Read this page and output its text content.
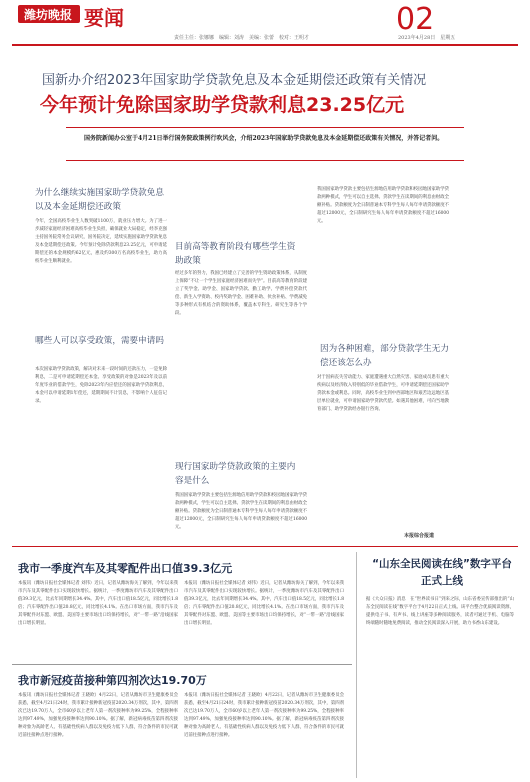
潍坊晚报 要闻	02
责任主任：张娜娜　编辑：刘涛　美编：张蕾　校对：王明才	2023年4月28日　星期五
国新办介绍2023年国家助学贷款免息及本金延期偿还政策有关情况
今年预计免除国家助学贷款利息23.25亿元
国务院新闻办公室于4月21日举行国务院政策例行吹风会，介绍2023年国家助学贷款免息及本金延期偿还政策有关情况，并答记者问。
为什么继续实施国家助学贷款免息以及本金延期偿还政策
今年，全国高校毕业生人数突破1100万，就业压力增大。为了进一步减轻家庭经济困难高校毕业生负担，确保就业大局稳定，经李克强主持国务院常务会议研究，国务院决定，延续实施国家助学贷款免息及本金延期偿还政策。今年预计免除贷款利息23.25亿元，可申请延期偿还的本金规模约62亿元，惠及约300万名高校毕业生，助力高校毕业生顺利就业。
哪些人可以享受政策，需要申请吗
本次国家助学贷款政策，解决对未来一段时间的还款压力，一是免除利息，二是可申请延期偿还本金。享受政策的对象是2023年及以前年度毕业的借款学生，免除2023年内应偿还的国家助学贷款利息，本金可以申请延期1年偿还，延期期间不计罚息，不影响个人征信记录。
目前高等教育阶段有哪些学生资助政策
经过多年的努力，我国已经建立了完善的学生资助政策体系，从制度上保障“不让一个学生因家庭经济困难而失学”。目前高等教育阶段建立了奖学金、助学金、国家助学贷款、勤工助学、学费补偿贷款代偿、新生入学资助、校内奖助学金、困难补助、伙食补贴、学费减免等多种形式有机结合的资助体系，覆盖本专科生、研究生等各个学段。
现行国家助学贷款政策的主要内容是什么
我国国家助学贷款主要包括生源地信用助学贷款和校园地国家助学贷款两种模式，学生可以自主选择。贷款学生在读期间的利息由财政全额补贴。贷款额度为全日制普通本专科学生每人每年申请贷款额度不超过12000元，全日制研究生每人每年申请贷款额度不超过16000元。
我国国家助学贷款主要包括生源地信用助学贷款和校园地国家助学贷款两种模式，学生可以自主选择。贷款学生在读期间的利息由财政全额补贴。贷款额度为全日制普通本专科学生每人每年申请贷款额度不超过12000元，全日制研究生每人每年申请贷款额度不超过16000元。
因为各种困难，部分贷款学生无力偿还该怎么办
对于因病丧失劳动能力、家庭遭遇重大自然灾害、家庭成员患有重大疾病以及经济收入特别低的毕业借款学生，可申请延期偿还国家助学贷款本金或利息。同时，高校毕业生到中西部地区和艰苦边远地区基层单位就业，可申请国家助学贷款代偿。如遇其他困难，可向当地教育部门、助学贷款经办银行咨询。
本报综合报道
我市一季度汽车及其零配件出口值39.3亿元
本报讯（潍坊日报社全媒体记者 刘伟）近日，记者从潍坊海关了解到，今年以来我市汽车及其零配件出口实现较快增长。据统计，一季度潍坊市汽车及其零配件出口值39.3亿元，比去年同期增长34.4%。其中，汽车出口值18.5亿元，同比增长1.8倍；汽车零配件出口值20.8亿元，同比增长4.1%。在出口市场方面，我市汽车及其零配件对东盟、欧盟、美国等主要市场出口均保持增长，对“一带一路”沿线国家出口增长明显。
本报讯（潍坊日报社全媒体记者 刘伟）近日，记者从潍坊海关了解到，今年以来我市汽车及其零配件出口实现较快增长。据统计，一季度潍坊市汽车及其零配件出口值39.3亿元，比去年同期增长34.4%。其中，汽车出口值18.5亿元，同比增长1.8倍；汽车零配件出口值20.8亿元，同比增长4.1%。在出口市场方面，我市汽车及其零配件对东盟、欧盟、美国等主要市场出口均保持增长，对“一带一路”沿线国家出口增长明显。
我市新冠疫苗接种第四剂次达19.70万
本报讯（潍坊日报社全媒体记者 王晓欧）4月22日，记者从潍坊市卫生健康委员会获悉，截至4月21日24时，我市累计接种新冠疫苗2020.34万剂次，其中，第四剂次已达19.70万人，全市60岁以上老年人第一剂次接种率为99.25%，全程接种率达到97.49%，加强免疫接种率达到90.10%。据了解，新冠病毒疫苗第四剂次接种对象为高龄老人、有基础性疾病人群以及免疫力低下人群，符合条件的市民可就近前往接种点进行接种。
本报讯（潍坊日报社全媒体记者 王晓欧）4月22日，记者从潍坊市卫生健康委员会获悉，截至4月21日24时，我市累计接种新冠疫苗2020.34万剂次，其中，第四剂次已达19.70万人，全市60岁以上老年人第一剂次接种率为99.25%，全程接种率达到97.49%，加强免疫接种率达到90.10%。据了解，新冠病毒疫苗第四剂次接种对象为高龄老人、有基础性疾病人群以及免疫力低下人群，符合条件的市民可就近前往接种点进行接种。
“山东全民阅读在线”数字平台正式上线
据《大众日报》消息　在“世界读书日”到来之际，山东省委宣传部推出的“山东全民阅读在线”数字平台于4月22日正式上线。该平台整合优质阅读资源，提供电子书、有声书、线上讲座等多种阅读服务，读者可通过手机、电脑等终端随时随地免费阅读，推动全民阅读深入开展，助力书香山东建设。
